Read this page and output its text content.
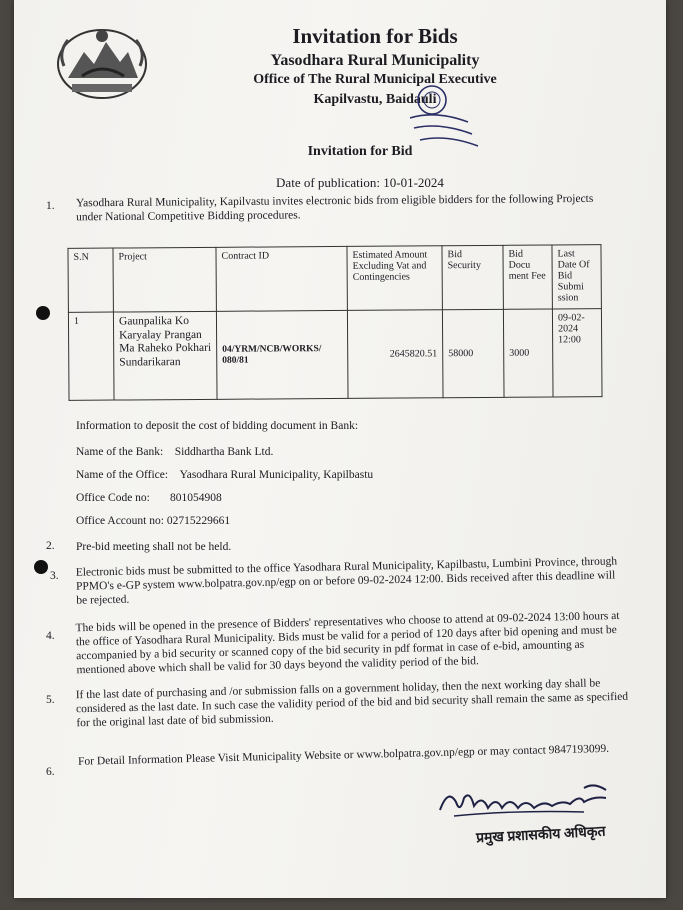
Invitation for Bids
Yasodhara Rural Municipality
Office of The Rural Municipal Executive
Kapilvastu, Baidauli
Invitation for Bid
Date of publication: 10-01-2024
1. Yasodhara Rural Municipality, Kapilvastu invites electronic bids from eligible bidders for the following Projects under National Competitive Bidding procedures.
S.N	Project	Contract ID	Estimated Amount Excluding Vat and Contingencies	Bid Security	Bid Docu ment Fee	Last Date Of Bid Submi ssion
1	Gaunpalika Ko Karyalay Prangan Ma Raheko Pokhari Sundarikaran	04/YRM/NCB/WORKS/ 080/81	2645820.51	58000	3000	09-02-2024 12:00
Information to deposit the cost of bidding document in Bank:
Name of the Bank: Siddhartha Bank Ltd.
Name of the Office: Yasodhara Rural Municipality, Kapilbastu
Office Code no: 801054908
Office Account no: 02715229661
2. Pre-bid meeting shall not be held.
3. Electronic bids must be submitted to the office Yasodhara Rural Municipality, Kapilbastu, Lumbini Province, through PPMO's e-GP system www.bolpatra.gov.np/egp on or before 09-02-2024 12:00. Bids received after this deadline will be rejected.
4.
The bids will be opened in the presence of Bidders' representatives who choose to attend at 09-02-2024 13:00 hours at the office of Yasodhara Rural Municipality. Bids must be valid for a period of 120 days after bid opening and must be accompanied by a bid security or scanned copy of the bid security in pdf format in case of e-bid, amounting as mentioned above which shall be valid for 30 days beyond the validity period of the bid.
5. If the last date of purchasing and /or submission falls on a government holiday, then the next working day shall be considered as the last date. In such case the validity period of the bid and bid security shall remain the same as specified for the original last date of bid submission.
6.
For Detail Information Please Visit Municipality Website or www.bolpatra.gov.np/egp or may contact 9847193099.
प्रमुख प्रशासकीय अधिकृत
